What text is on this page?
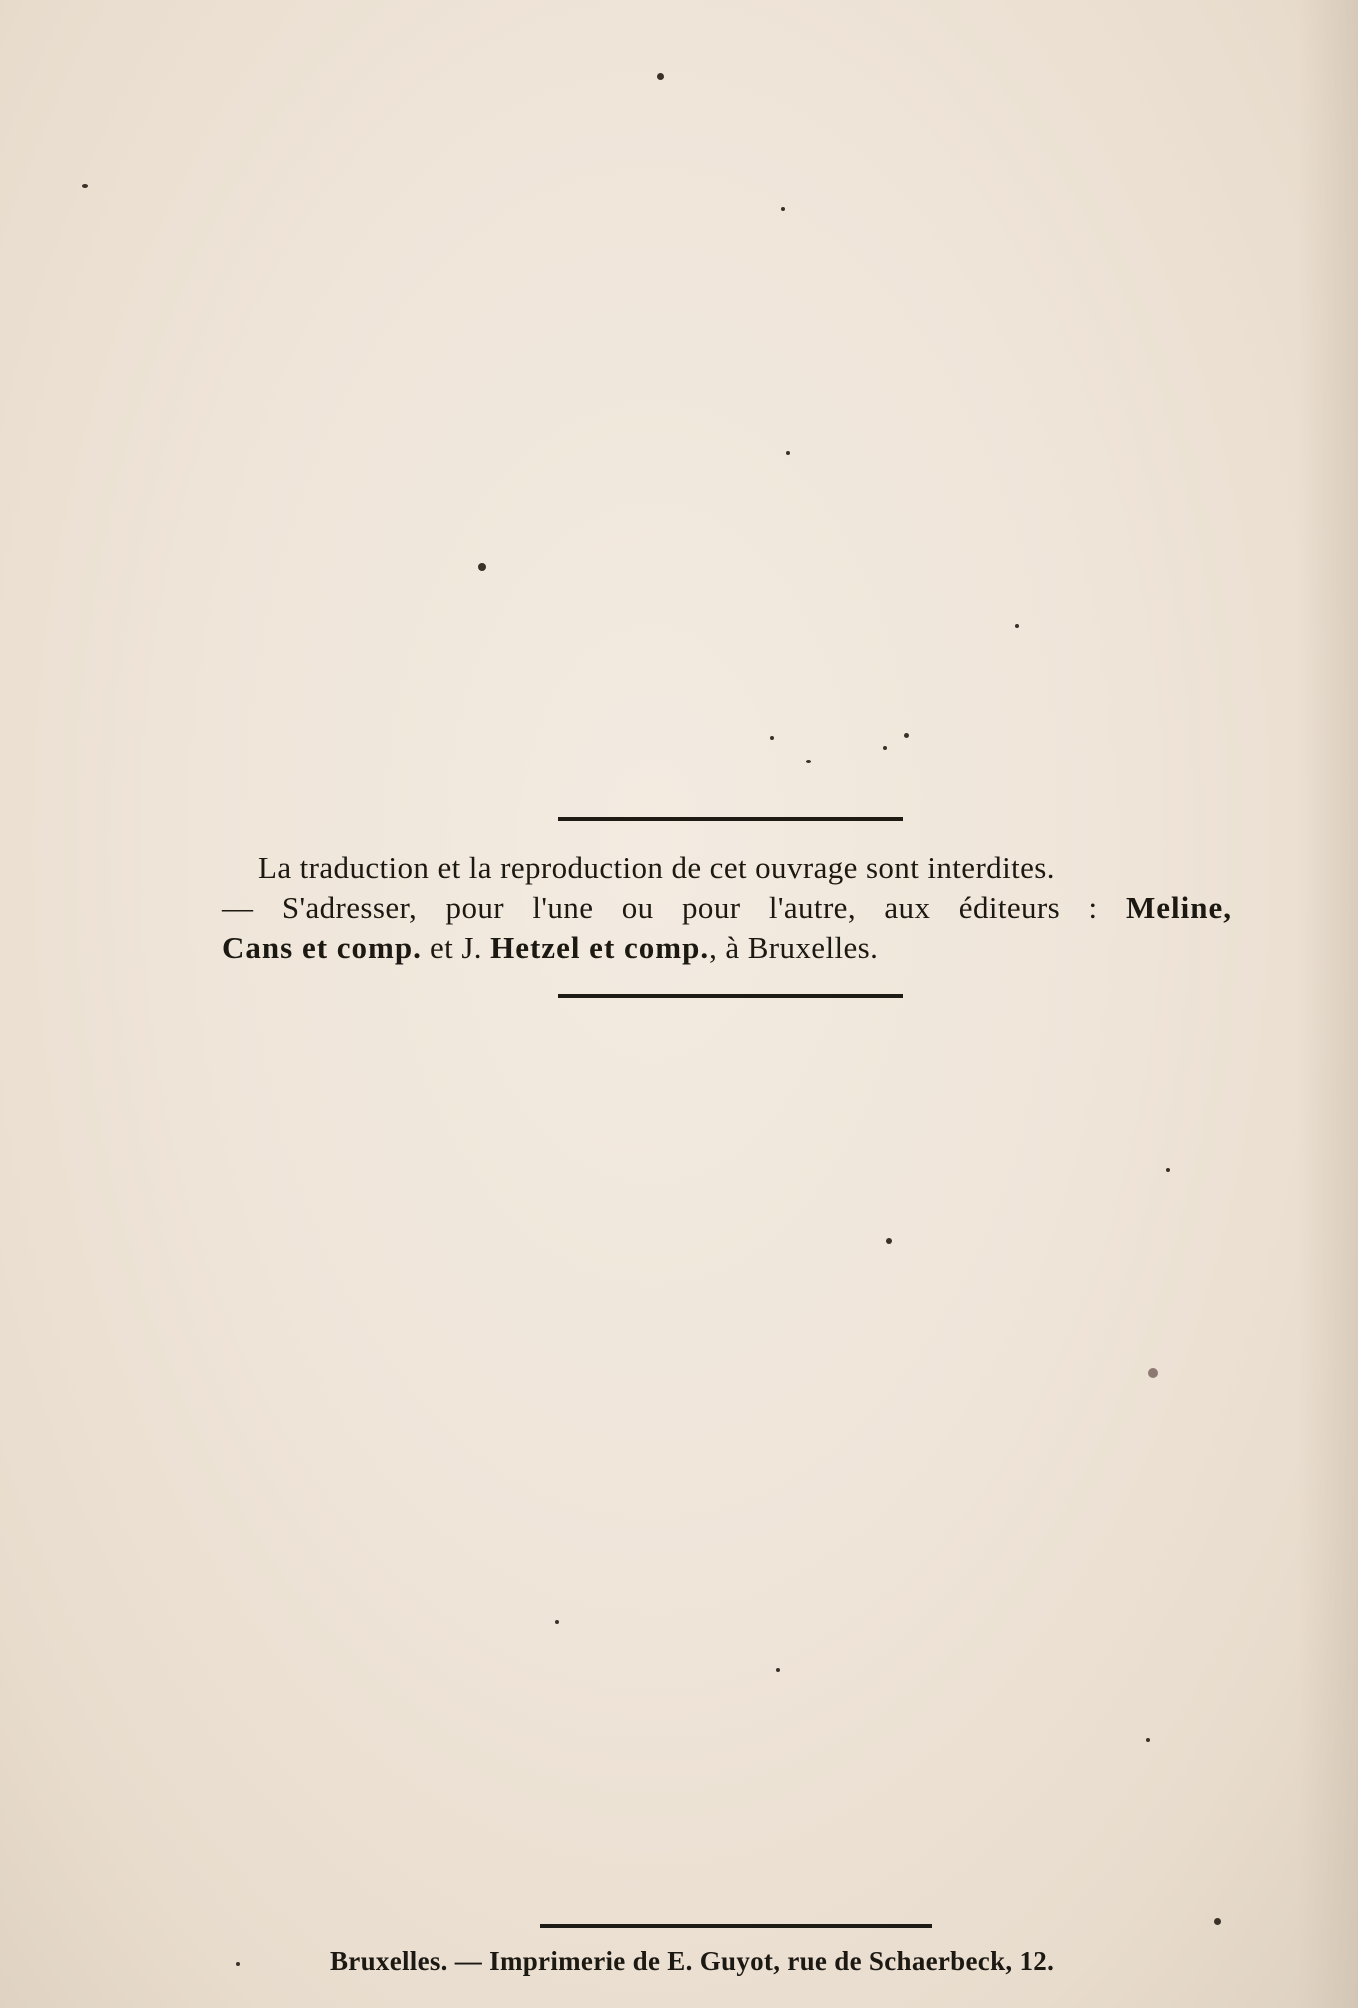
La traduction et la reproduction de cet ouvrage sont interdites.
— S'adresser, pour l'une ou pour l'autre, aux éditeurs : Meline,
Cans et comp. et J. Hetzel et comp., à Bruxelles.
Bruxelles. — Imprimerie de E. Guyot, rue de Schaerbeck, 12.
